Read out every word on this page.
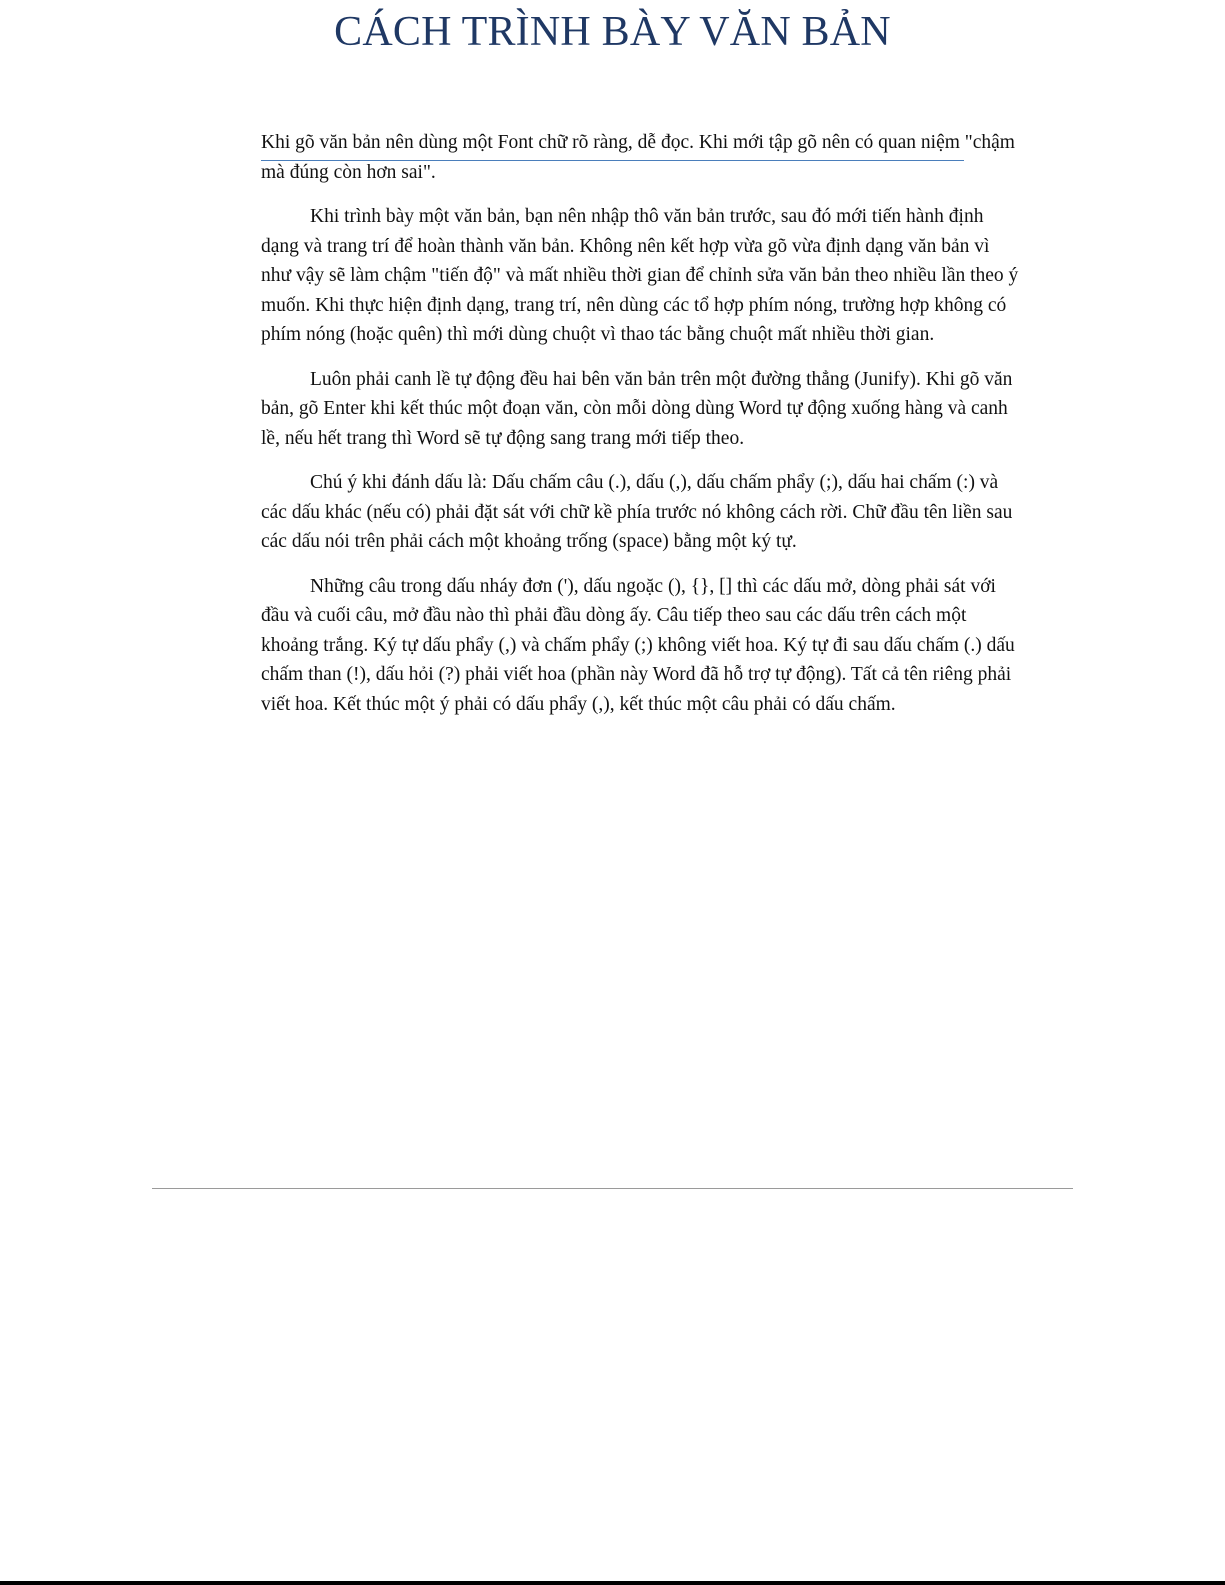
CÁCH TRÌNH BÀY VĂN BẢN

Khi gõ văn bản nên dùng một Font chữ rõ ràng, dễ đọc. Khi mới tập gõ nên có quan niệm "chậm mà đúng còn hơn sai".

Khi trình bày một văn bản, bạn nên nhập thô văn bản trước, sau đó mới tiến hành định dạng và trang trí để hoàn thành văn bản. Không nên kết hợp vừa gõ vừa định dạng văn bản vì như vậy sẽ làm chậm "tiến độ" và mất nhiều thời gian để chỉnh sửa văn bản theo nhiều lần theo ý muốn. Khi thực hiện định dạng, trang trí, nên dùng các tổ hợp phím nóng, trường hợp không có phím nóng (hoặc quên) thì mới dùng chuột vì thao tác bằng chuột mất nhiều thời gian.

Luôn phải canh lề tự động đều hai bên văn bản trên một đường thẳng (Junify). Khi gõ văn bản, gõ Enter khi kết thúc một đoạn văn, còn mỗi dòng dùng Word tự động xuống hàng và canh lề, nếu hết trang thì Word sẽ tự động sang trang mới tiếp theo.

Chú ý khi đánh dấu là: Dấu chấm câu (.), dấu (,), dấu chấm phẩy (;), dấu hai chấm (:) và các dấu khác (nếu có) phải đặt sát với chữ kề phía trước nó không cách rời. Chữ đầu tên liền sau các dấu nói trên phải cách một khoảng trống (space) bằng một ký tự.

Những câu trong dấu nháy đơn ('), dấu ngoặc (), {}, [] thì các dấu mở, dòng phải sát với đầu và cuối câu, mở đầu nào thì phải đầu dòng ấy. Câu tiếp theo sau các dấu trên cách một khoảng trắng. Ký tự dấu phẩy (,) và chấm phẩy (;) không viết hoa. Ký tự đi sau dấu chấm (.) dấu chấm than (!), dấu hỏi (?) phải viết hoa (phần này Word đã hỗ trợ tự động). Tất cả tên riêng phải viết hoa. Kết thúc một ý phải có dấu phẩy (,), kết thúc một câu phải có dấu chấm.
